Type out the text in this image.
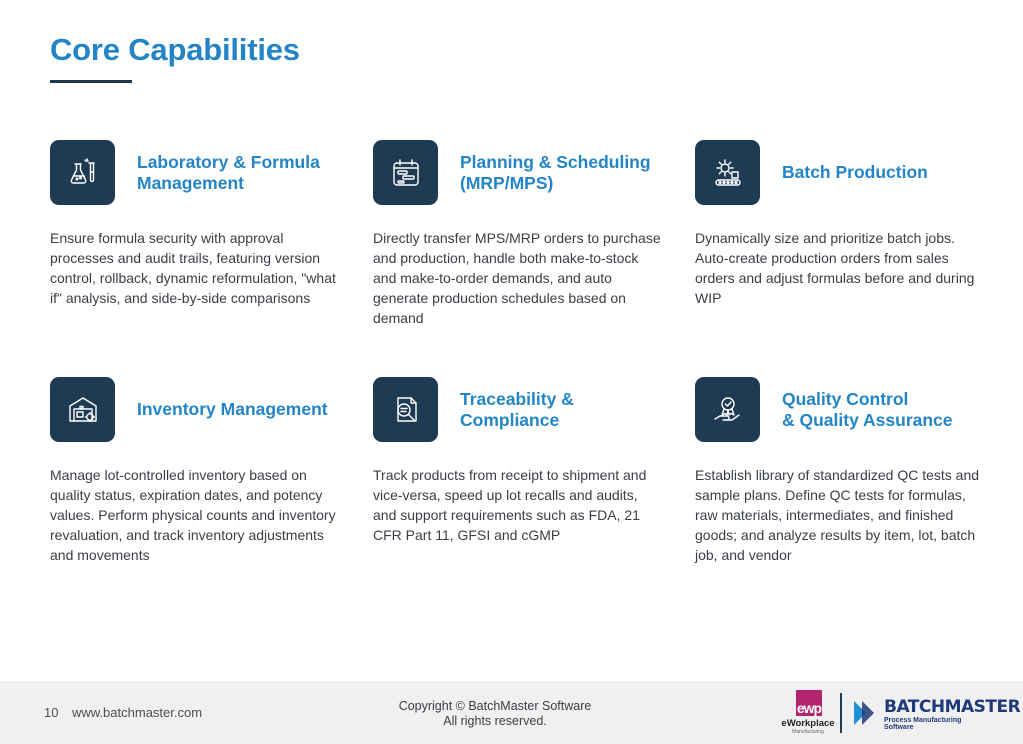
Core Capabilities
Laboratory & Formula
Management
Ensure formula security with approval processes and audit trails, featuring version control, rollback, dynamic reformulation, "what if" analysis, and side-by-side comparisons
Planning & Scheduling
(MRP/MPS)
Directly transfer MPS/MRP orders to purchase and production, handle both make-to-stock and make-to-order demands, and auto generate production schedules based on demand
Batch Production
Dynamically size and prioritize batch jobs. Auto-create production orders from sales orders and adjust formulas before and during WIP
Inventory Management
Manage lot-controlled inventory based on quality status, expiration dates, and potency values. Perform physical counts and inventory revaluation, and track inventory adjustments and movements
Traceability &
Compliance
Track products from receipt to shipment and vice-versa, speed up lot recalls and audits, and support requirements such as FDA, 21 CFR Part 11, GFSI and cGMP
Quality Control
& Quality Assurance
Establish library of standardized QC tests and sample plans. Define QC tests for formulas, raw materials, intermediates, and finished goods; and analyze results by item, lot, batch job, and vendor
10 www.batchmaster.com	Copyright © BatchMaster Software
All rights reserved.
ewp
eWorkplace
Manufacturing
BATCHMASTER
Process Manufacturing Software
